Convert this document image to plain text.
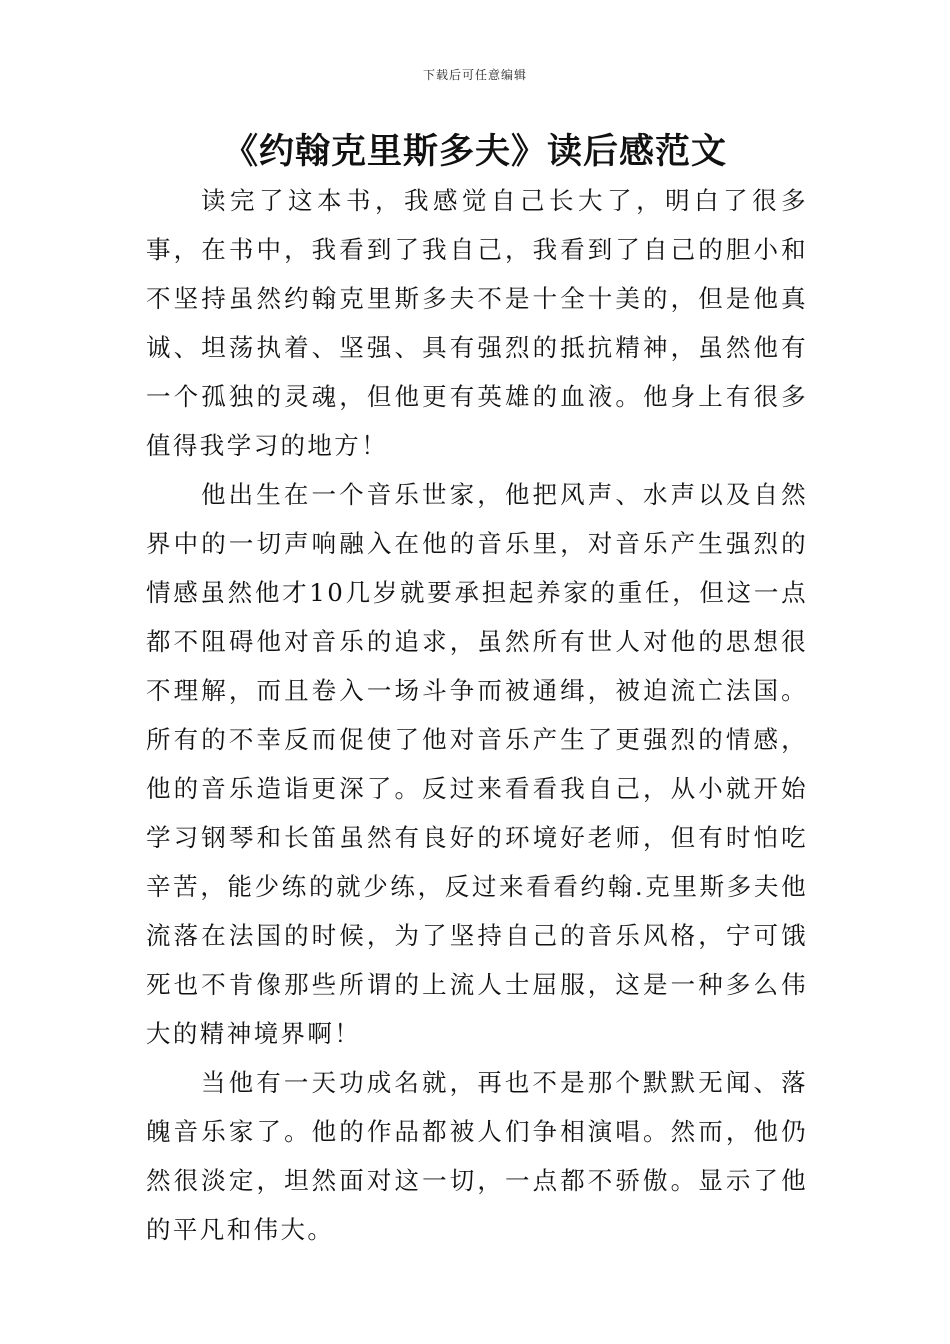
下载后可任意编辑
《约翰克里斯多夫》读后感范文

读完了这本书，我感觉自己长大了，明白了很多事，在书中，我看到了我自己，我看到了自己的胆小和不坚持虽然约翰克里斯多夫不是十全十美的，但是他真诚、坦荡执着、坚强、具有强烈的抵抗精神，虽然他有一个孤独的灵魂，但他更有英雄的血液。他身上有很多值得我学习的地方！

他出生在一个音乐世家，他把风声、水声以及自然界中的一切声响融入在他的音乐里，对音乐产生强烈的情感虽然他才10几岁就要承担起养家的重任，但这一点都不阻碍他对音乐的追求，虽然所有世人对他的思想很不理解，而且卷入一场斗争而被通缉，被迫流亡法国。所有的不幸反而促使了他对音乐产生了更强烈的情感，他的音乐造诣更深了。反过来看看我自己，从小就开始学习钢琴和长笛虽然有良好的环境好老师，但有时怕吃辛苦，能少练的就少练，反过来看看约翰.克里斯多夫他流落在法国的时候，为了坚持自己的音乐风格，宁可饿死也不肯像那些所谓的上流人士屈服，这是一种多么伟大的精神境界啊！

当他有一天功成名就，再也不是那个默默无闻、落魄音乐家了。他的作品都被人们争相演唱。然而，他仍然很淡定，坦然面对这一切，一点都不骄傲。显示了他的平凡和伟大。
